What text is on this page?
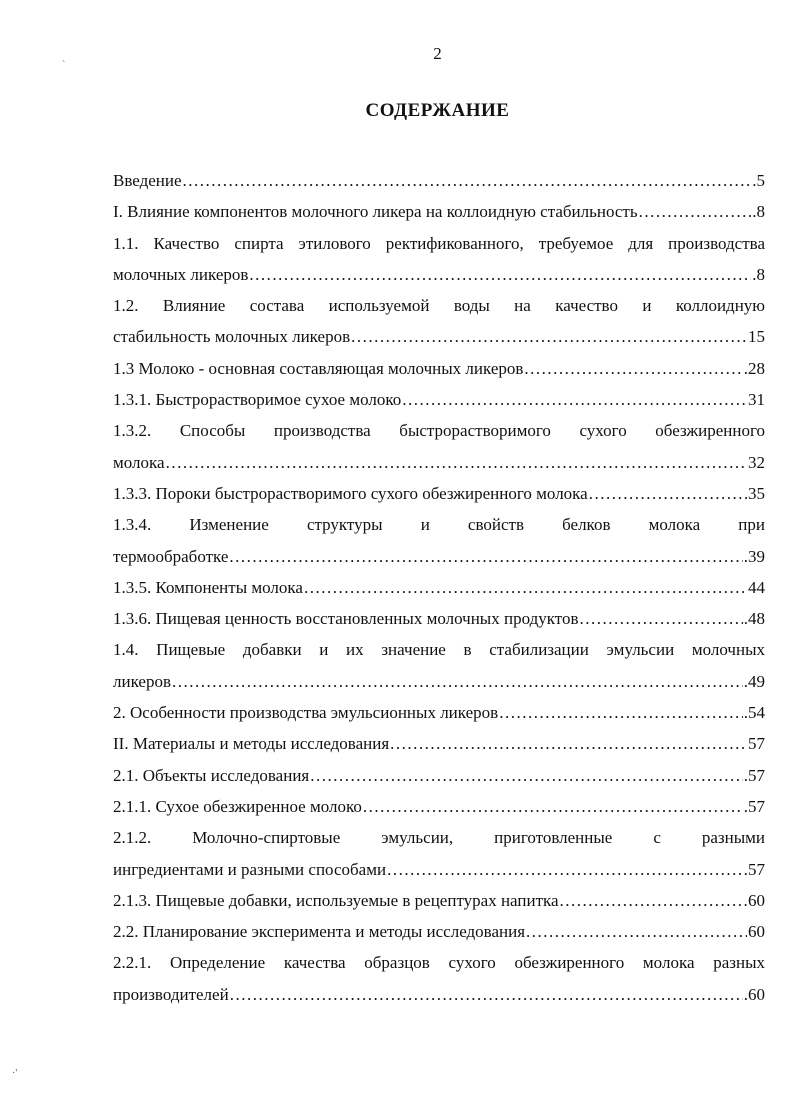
2
СОДЕРЖАНИЕ
`
·'
Введение .....	.5
I. Влияние компонентов молочного ликера на коллоидную стабильность .....	.8
1.1. Качество спирта этилового ректификованного, требуемое для производства
молочных ликеров .....	.8
1.2. Влияние состава используемой воды на качество и коллоидную
стабильность молочных ликеров .....	15
1.3 Молоко - основная составляющая молочных ликеров .....	.28
1.3.1. Быстрорастворимое сухое молоко .....	31
1.3.2. Способы производства быстрорастворимого сухого обезжиренного
молока .....	32
1.3.3. Пороки быстрорастворимого сухого обезжиренного молока .....	35
1.3.4. Изменение структуры и свойств белков молока при
термообработке .....	.39
1.3.5. Компоненты молока .....	44
1.3.6. Пищевая ценность восстановленных молочных продуктов .....	.48
1.4. Пищевые добавки и их значение в стабилизации эмульсии молочных
ликеров .....	.49
2. Особенности производства эмульсионных ликеров .....	.54
II. Материалы и методы исследования .....	57
2.1. Объекты исследования .....	.57
2.1.1. Сухое обезжиренное молоко .....	.57
2.1.2. Молочно-спиртовые эмульсии, приготовленные с разными
ингредиентами и разными способами .....	57
2.1.3. Пищевые добавки, используемые в рецептурах напитка .....	60
2.2. Планирование эксперимента и методы исследования .....	60
2.2.1. Определение качества образцов сухого обезжиренного молока разных
производителей .....	.60
